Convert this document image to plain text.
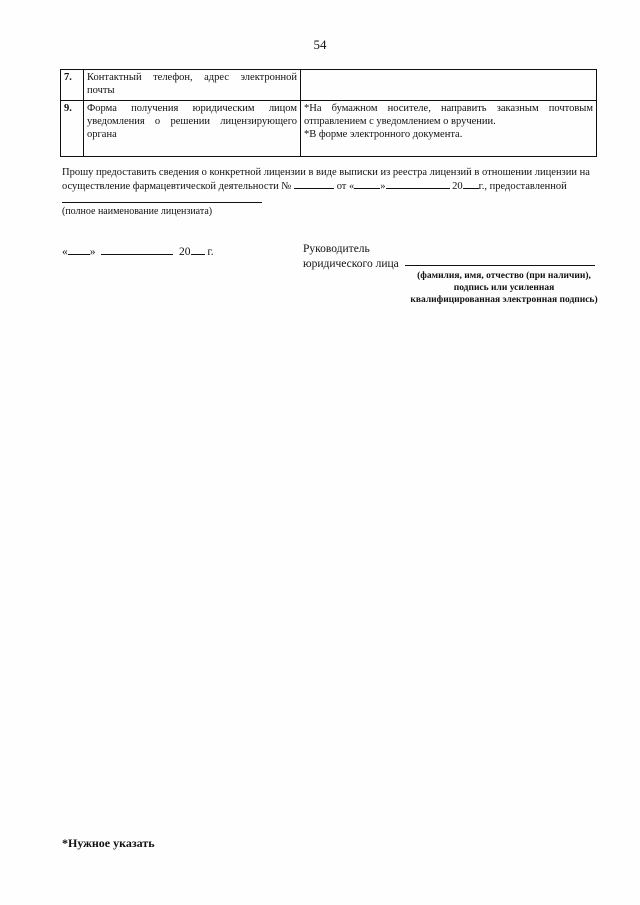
54
7.	Контактный телефон, адрес электронной почты	
9.	Форма получения юридическим лицом уведомления о решении лицензирующего органа	*На бумажном носителе, направить заказным почтовым отправлением с уведомлением о вручении.
*В форме электронного документа.
Прошу предоставить сведения о конкретной лицензии в виде выписки из реестра лицензий в отношении лицензии на осуществление фармацевтической деятельности №	от « »	20 г., предоставленной
(полное наименование лицензиата)
« »	20 г.	Руководитель
юридического лица
(фамилия, имя, отчество (при наличии), подпись или усиленная квалифицированная электронная подпись)
*Нужное указать
